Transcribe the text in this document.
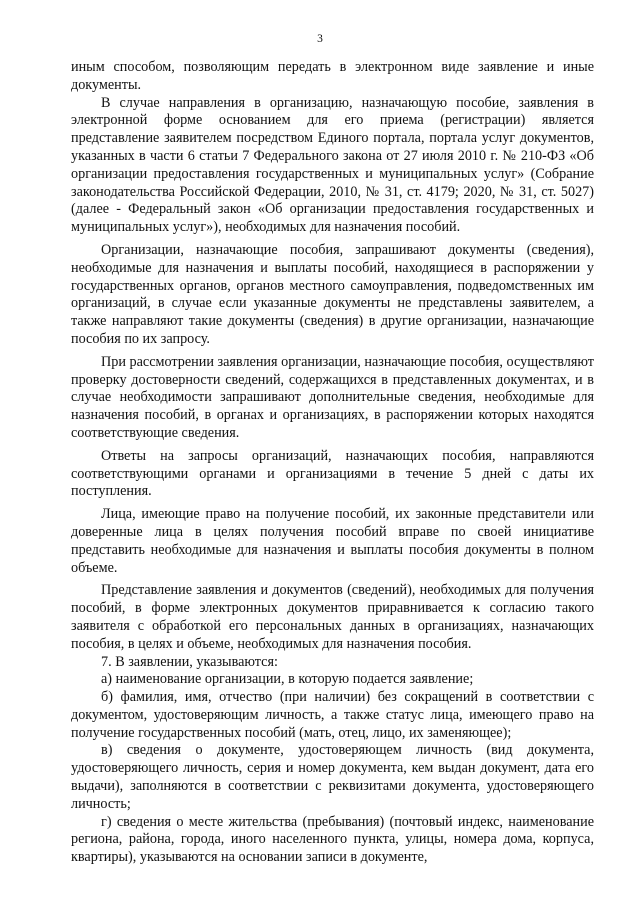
3

иным способом, позволяющим передать в электронном виде заявление и иные документы.

В случае направления в организацию, назначающую пособие, заявления в электронной форме основанием для его приема (регистрации) является представление заявителем посредством Единого портала, портала услуг документов, указанных в части 6 статьи 7 Федерального закона от 27 июля 2010 г. № 210-ФЗ «Об организации предоставления государственных и муниципальных услуг» (Собрание законодательства Российской Федерации, 2010, № 31, ст. 4179; 2020, № 31, ст. 5027) (далее - Федеральный закон «Об организации предоставления государственных и муниципальных услуг»), необходимых для назначения пособий.

Организации, назначающие пособия, запрашивают документы (сведения), необходимые для назначения и выплаты пособий, находящиеся в распоряжении у государственных органов, органов местного самоуправления, подведомственных им организаций, в случае если указанные документы не представлены заявителем, а также направляют такие документы (сведения) в другие организации, назначающие пособия по их запросу.

При рассмотрении заявления организации, назначающие пособия, осуществляют проверку достоверности сведений, содержащихся в представленных документах, и в случае необходимости запрашивают дополнительные сведения, необходимые для назначения пособий, в органах и организациях, в распоряжении которых находятся соответствующие сведения.

Ответы на запросы организаций, назначающих пособия, направляются соответствующими органами и организациями в течение 5 дней с даты их поступления.

Лица, имеющие право на получение пособий, их законные представители или доверенные лица в целях получения пособий вправе по своей инициативе представить необходимые для назначения и выплаты пособия документы в полном объеме.

Представление заявления и документов (сведений), необходимых для получения пособий, в форме электронных документов приравнивается к согласию такого заявителя с обработкой его персональных данных в организациях, назначающих пособия, в целях и объеме, необходимых для назначения пособия.

7. В заявлении, указываются:

а) наименование организации, в которую подается заявление;

б) фамилия, имя, отчество (при наличии) без сокращений в соответствии с документом, удостоверяющим личность, а также статус лица, имеющего право на получение государственных пособий (мать, отец, лицо, их заменяющее);

в) сведения о документе, удостоверяющем личность (вид документа, удостоверяющего личность, серия и номер документа, кем выдан документ, дата его выдачи), заполняются в соответствии с реквизитами документа, удостоверяющего личность;

г) сведения о месте жительства (пребывания) (почтовый индекс, наименование региона, района, города, иного населенного пункта, улицы, номера дома, корпуса, квартиры), указываются на основании записи в документе,
